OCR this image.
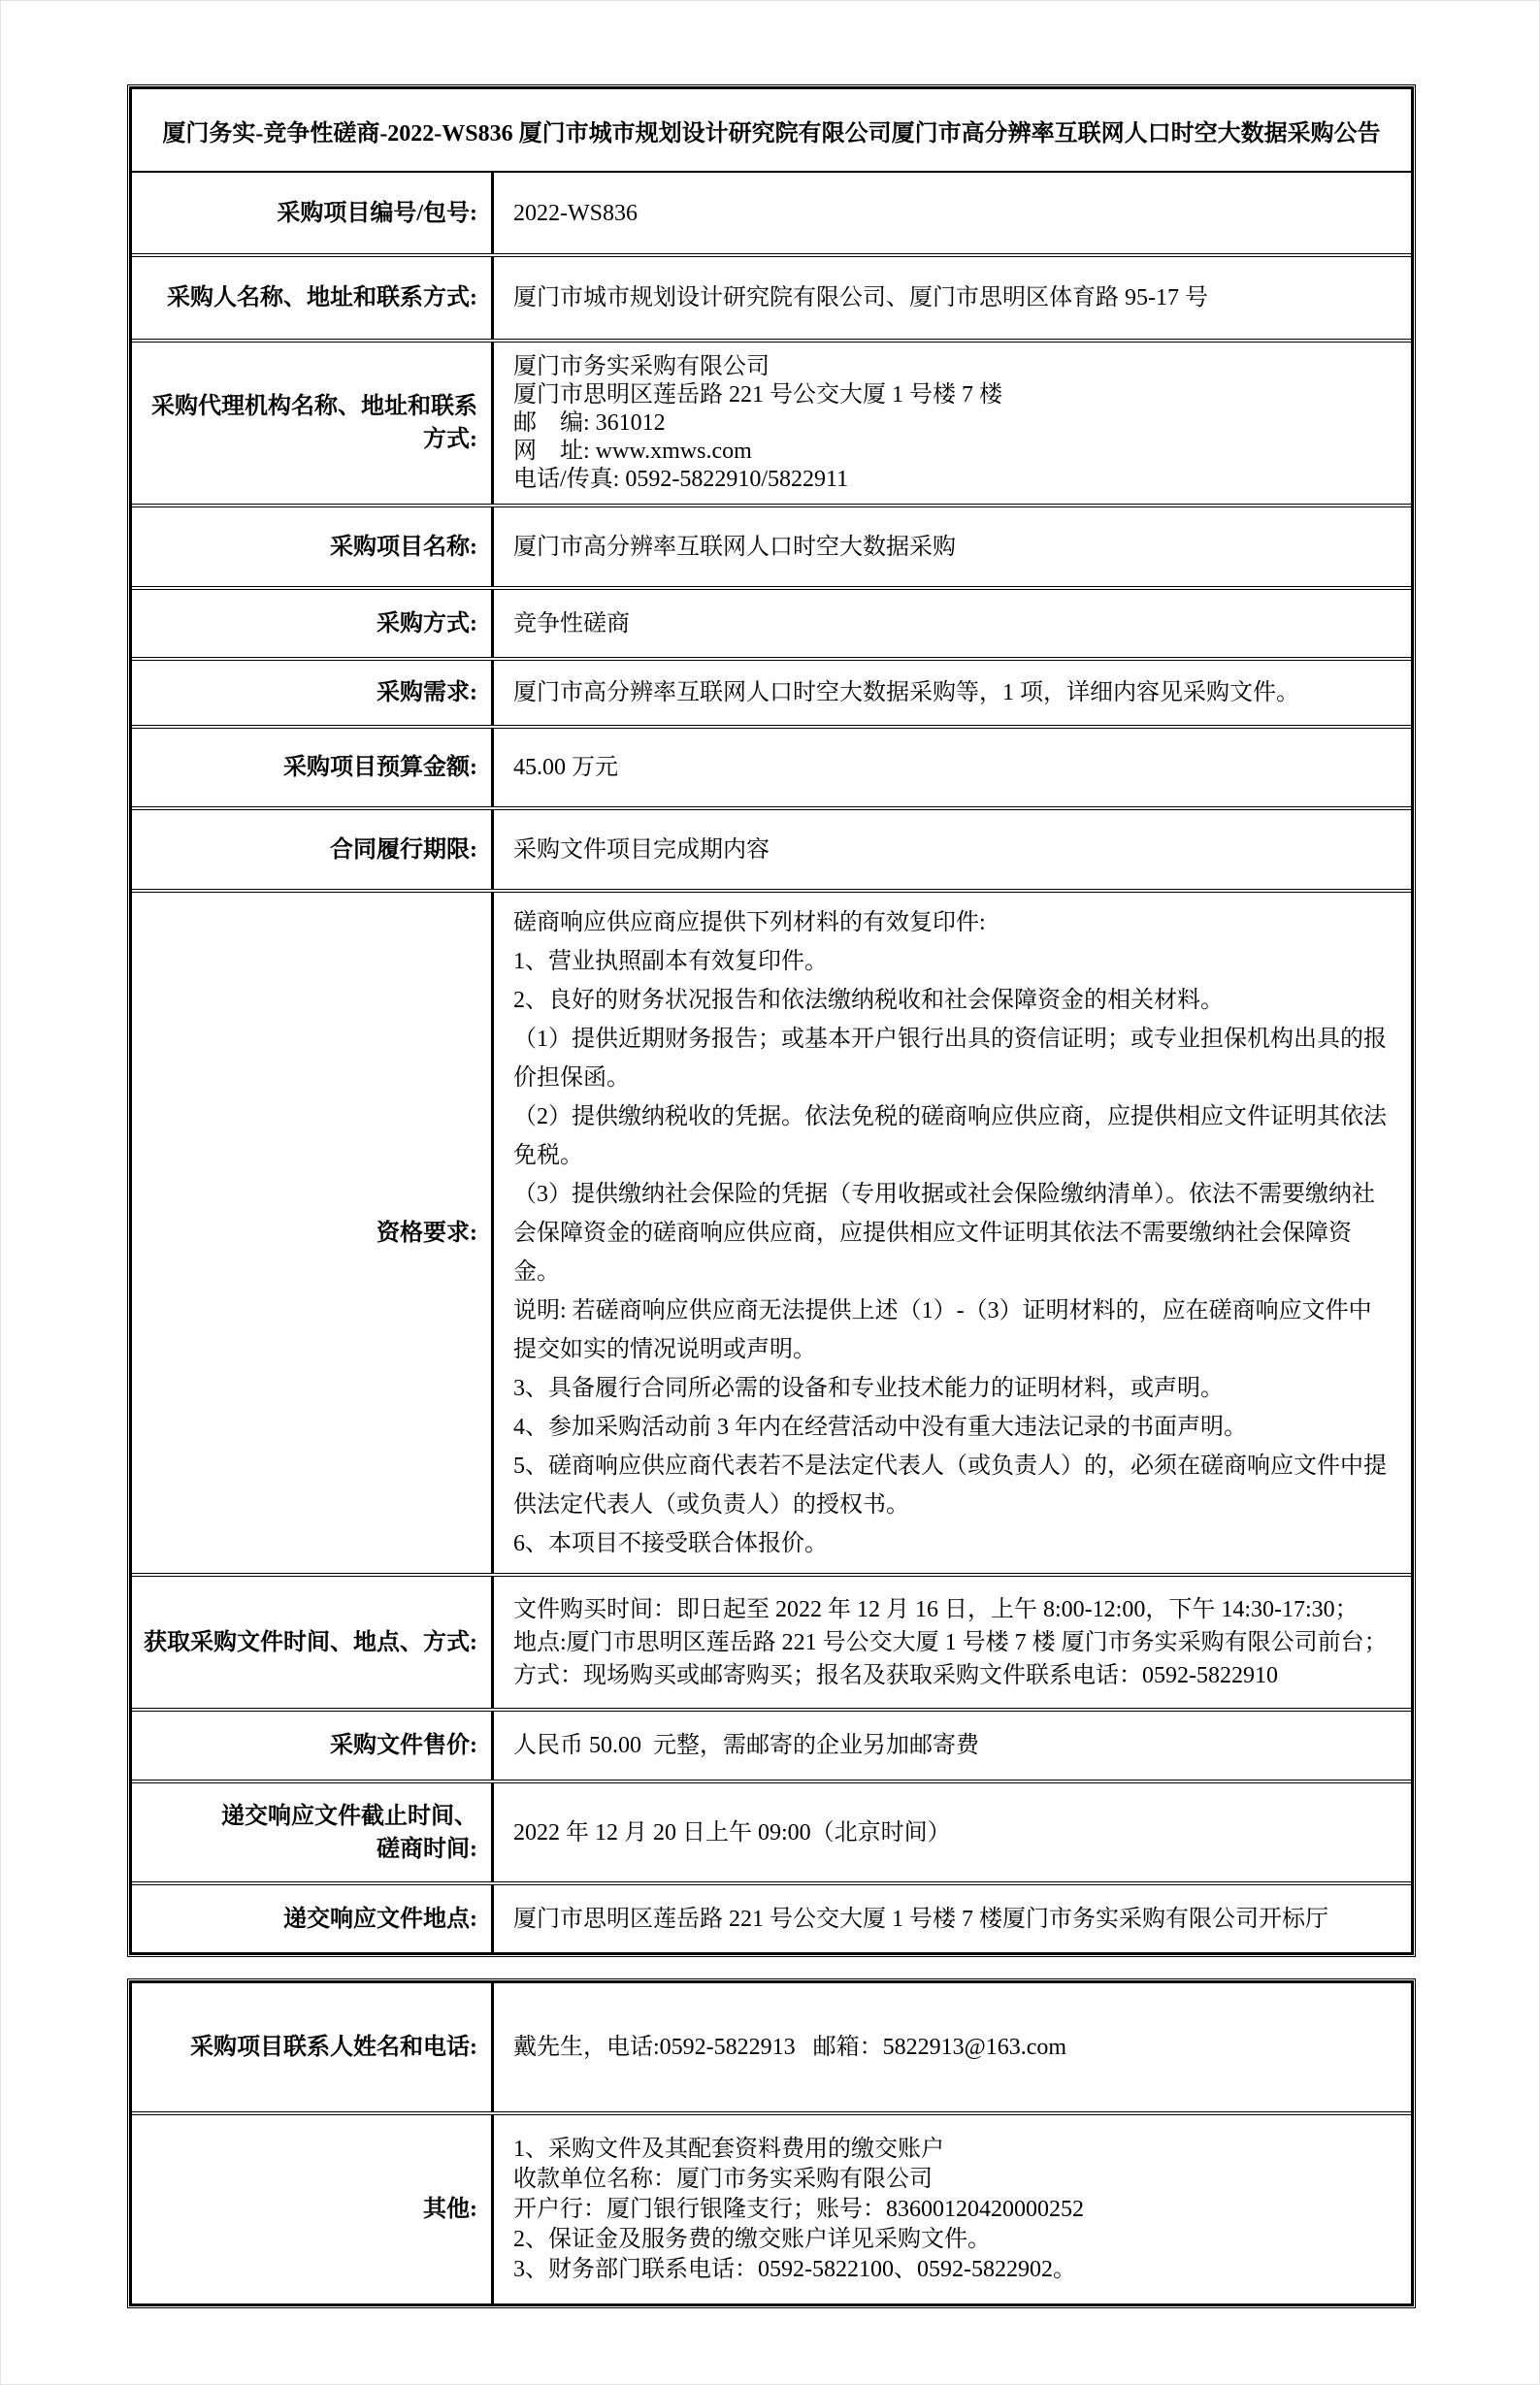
厦门务实-竞争性磋商-2022-WS836 厦门市城市规划设计研究院有限公司厦门市高分辨率互联网人口时空大数据采购公告
采购项目编号/包号: 2022-WS836
采购人名称、地址和联系方式: 厦门市城市规划设计研究院有限公司、厦门市思明区体育路 95-17 号
采购代理机构名称、地址和联系
方式:
厦门市务实采购有限公司
厦门市思明区莲岳路 221 号公交大厦 1 号楼 7 楼
邮    编: 361012
网    址: www.xmws.com
电话/传真: 0592-5822910/5822911
采购项目名称: 厦门市高分辨率互联网人口时空大数据采购
采购方式: 竞争性磋商
采购需求: 厦门市高分辨率互联网人口时空大数据采购等，1 项，详细内容见采购文件。
采购项目预算金额: 45.00 万元
合同履行期限: 采购文件项目完成期内容
资格要求:
磋商响应供应商应提供下列材料的有效复印件:
1、营业执照副本有效复印件。
2、良好的财务状况报告和依法缴纳税收和社会保障资金的相关材料。
（1）提供近期财务报告；或基本开户银行出具的资信证明；或专业担保机构出具的报价担保函。
（2）提供缴纳税收的凭据。依法免税的磋商响应供应商，应提供相应文件证明其依法免税。
（3）提供缴纳社会保险的凭据（专用收据或社会保险缴纳清单）。依法不需要缴纳社会保障资金的磋商响应供应商，应提供相应文件证明其依法不需要缴纳社会保障资金。
说明: 若磋商响应供应商无法提供上述（1）-（3）证明材料的，应在磋商响应文件中提交如实的情况说明或声明。
3、具备履行合同所必需的设备和专业技术能力的证明材料，或声明。
4、参加采购活动前 3 年内在经营活动中没有重大违法记录的书面声明。
5、磋商响应供应商代表若不是法定代表人（或负责人）的，必须在磋商响应文件中提供法定代表人（或负责人）的授权书。
6、本项目不接受联合体报价。
获取采购文件时间、地点、方式:
文件购买时间：即日起至 2022 年 12 月 16 日，上午 8:00-12:00，下午 14:30-17:30；
地点:厦门市思明区莲岳路 221 号公交大厦 1 号楼 7 楼 厦门市务实采购有限公司前台；
方式：现场购买或邮寄购买；报名及获取采购文件联系电话：0592-5822910
采购文件售价: 人民币 50.00  元整，需邮寄的企业另加邮寄费
递交响应文件截止时间、
磋商时间:
2022 年 12 月 20 日上午 09:00（北京时间）
递交响应文件地点: 厦门市思明区莲岳路 221 号公交大厦 1 号楼 7 楼厦门市务实采购有限公司开标厅
采购项目联系人姓名和电话: 戴先生，电话:0592-5822913   邮箱：5822913@163.com
其他:
1、采购文件及其配套资料费用的缴交账户
收款单位名称：厦门市务实采购有限公司
开户行：厦门银行银隆支行；账号：83600120420000252
2、保证金及服务费的缴交账户详见采购文件。
3、财务部门联系电话：0592-5822100、0592-5822902。
